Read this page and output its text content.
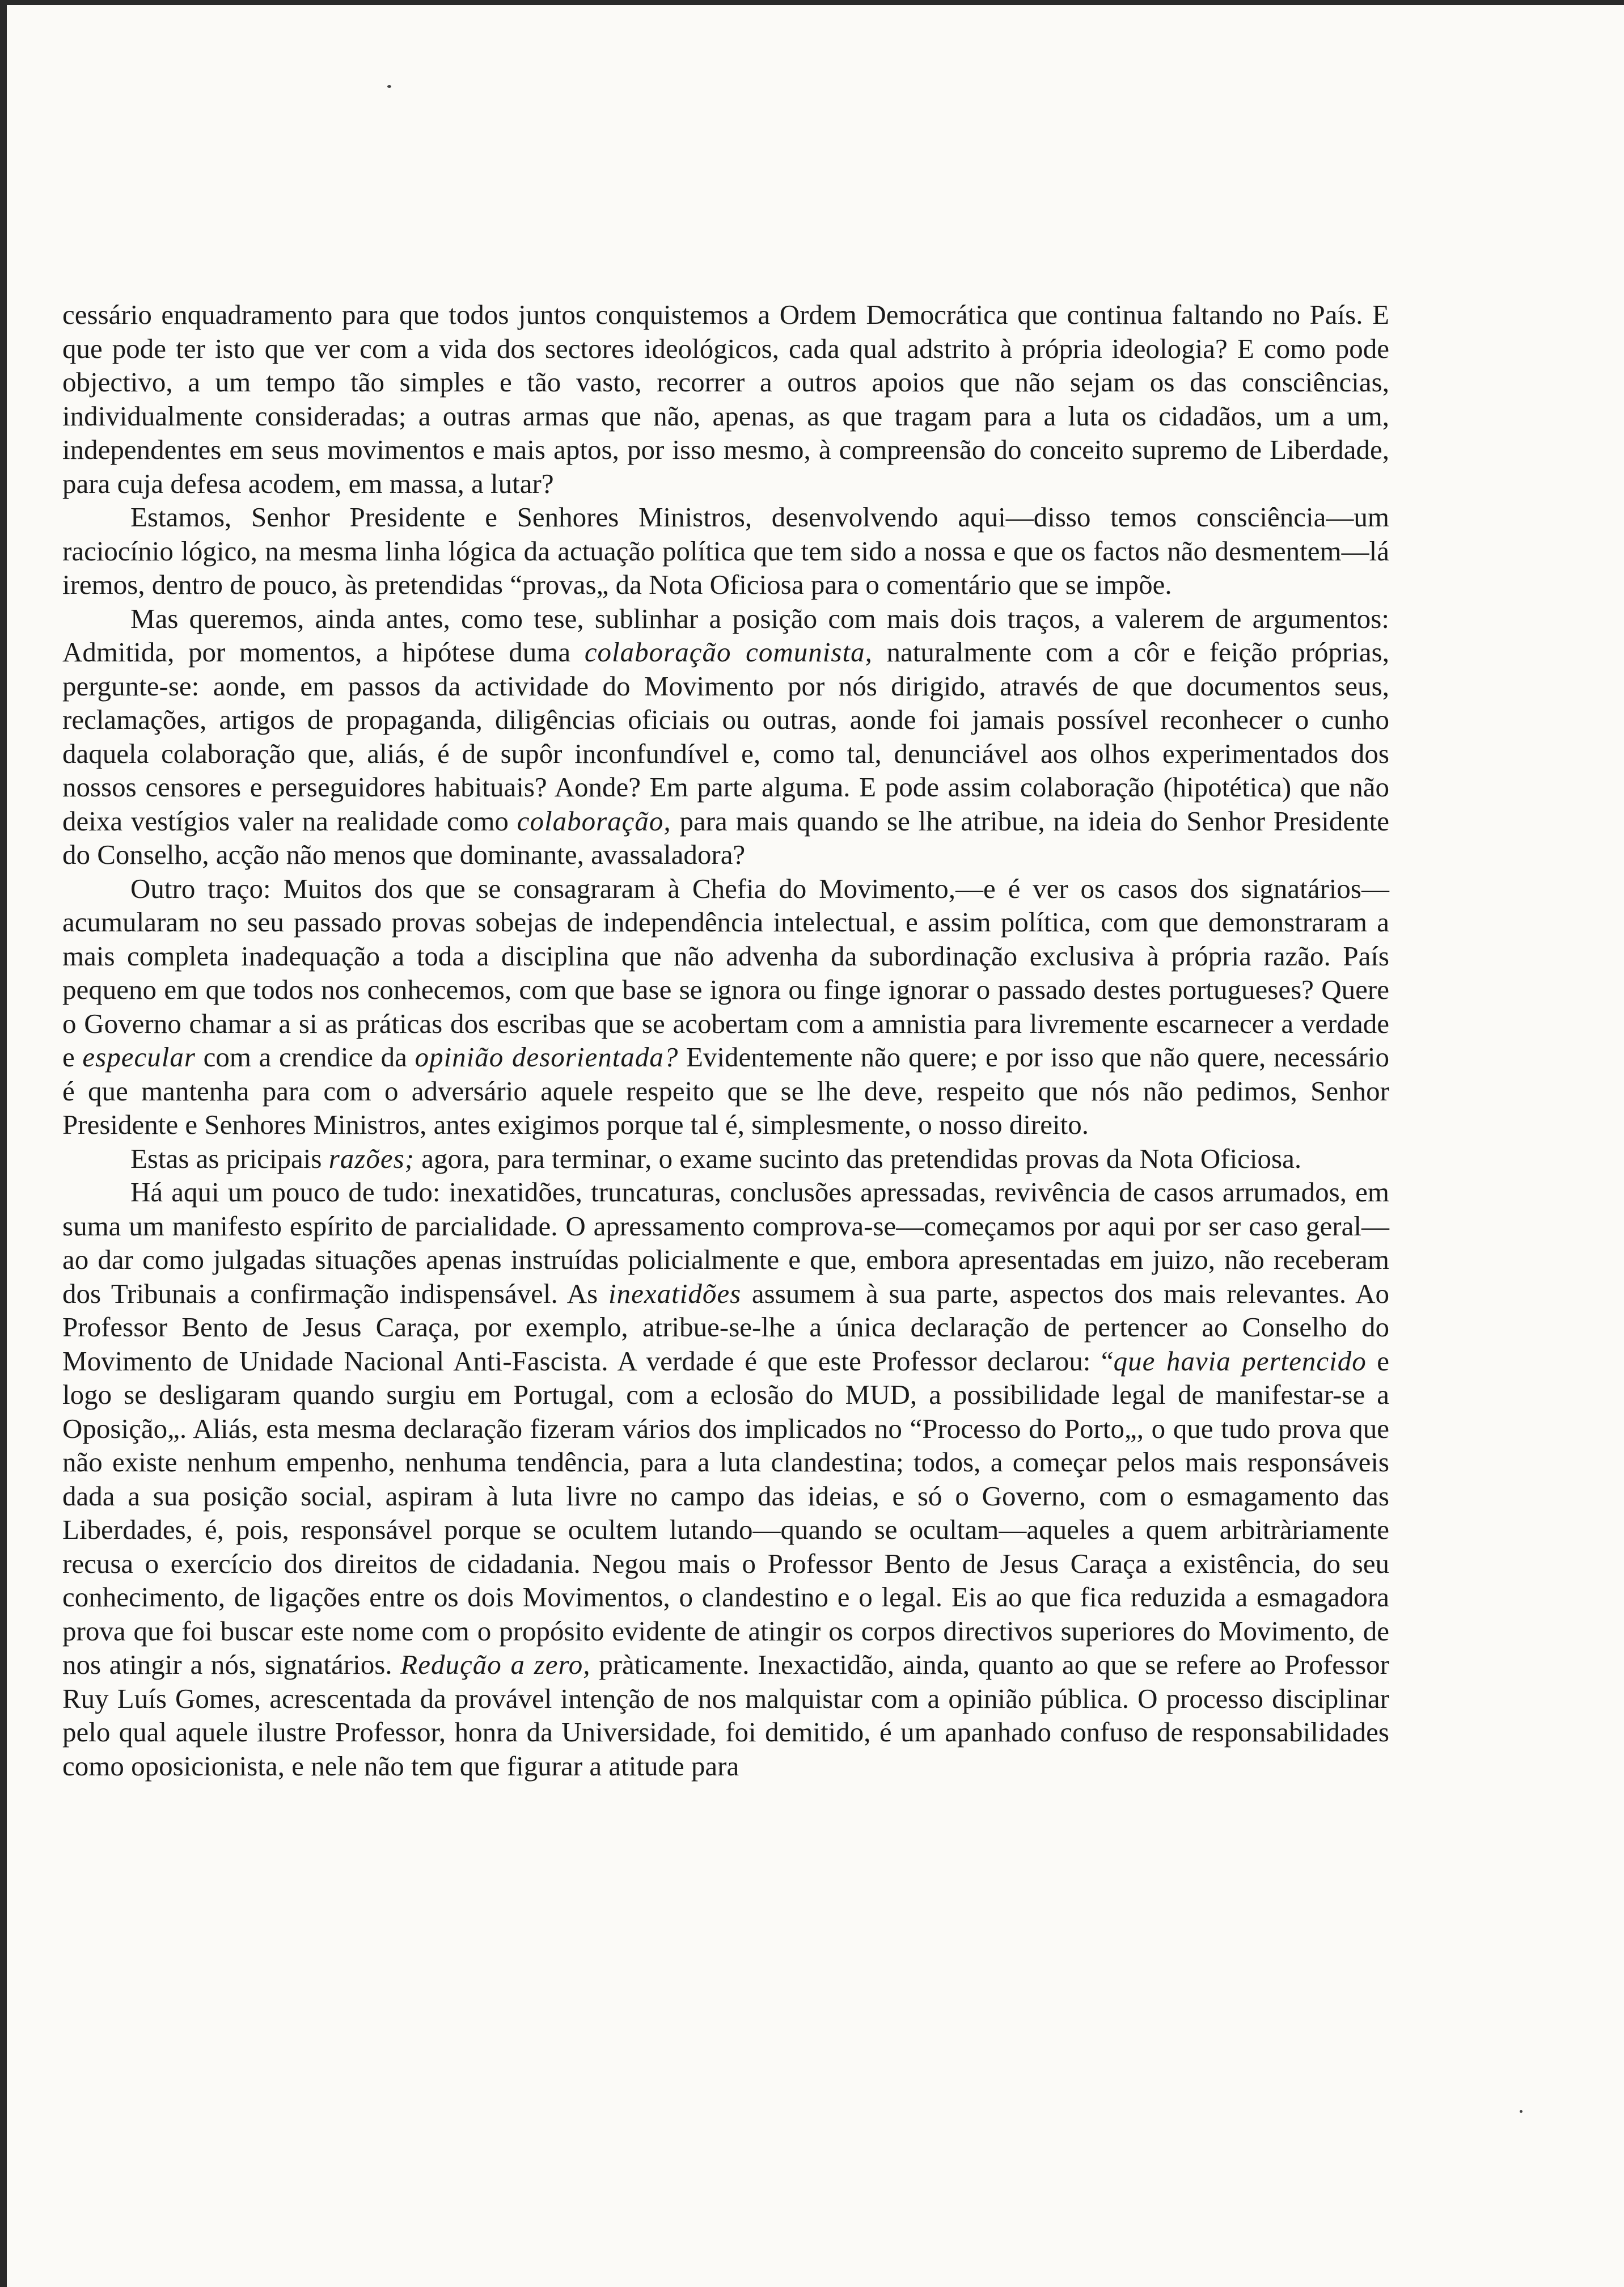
cessário enquadramento para que todos juntos conquistemos a Ordem Democrática que continua faltando no País. E que pode ter isto que ver com a vida dos sectores ideológicos, cada qual adstrito à própria ideologia? E como pode objectivo, a um tempo tão simples e tão vasto, recorrer a outros apoios que não sejam os das consciências, individualmente consideradas; a outras armas que não, apenas, as que tragam para a luta os cidadãos, um a um, independentes em seus movimentos e mais aptos, por isso mesmo, à compreensão do conceito supremo de Liberdade, para cuja defesa acodem, em massa, a lutar?

Estamos, Senhor Presidente e Senhores Ministros, desenvolvendo aqui—disso temos consciência—um raciocínio lógico, na mesma linha lógica da actuação política que tem sido a nossa e que os factos não desmentem—lá iremos, dentro de pouco, às pretendidas “provas„ da Nota Oficiosa para o comentário que se impõe.

Mas queremos, ainda antes, como tese, sublinhar a posição com mais dois traços, a valerem de argumentos: Admitida, por momentos, a hipótese duma colaboração comunista, naturalmente com a côr e feição próprias, pergunte-se: aonde, em passos da actividade do Movimento por nós dirigido, através de que documentos seus, reclamações, artigos de propaganda, diligências oficiais ou outras, aonde foi jamais possível reconhecer o cunho daquela colaboração que, aliás, é de supôr inconfundível e, como tal, denunciável aos olhos experimentados dos nossos censores e perseguidores habituais? Aonde? Em parte alguma. E pode assim colaboração (hipotética) que não deixa vestígios valer na realidade como colaboração, para mais quando se lhe atribue, na ideia do Senhor Presidente do Conselho, acção não menos que dominante, avassaladora?

Outro traço: Muitos dos que se consagraram à Chefia do Movimento,—e é ver os casos dos signatários—acumularam no seu passado provas sobejas de independência intelectual, e assim política, com que demonstraram a mais completa inadequação a toda a disciplina que não advenha da subordinação exclusiva à própria razão. País pequeno em que todos nos conhecemos, com que base se ignora ou finge ignorar o passado destes portugueses? Quere o Governo chamar a si as práticas dos escribas que se acobertam com a amnistia para livremente escarnecer a verdade e especular com a crendice da opinião desorientada? Evidentemente não quere; e por isso que não quere, necessário é que mantenha para com o adversário aquele respeito que se lhe deve, respeito que nós não pedimos, Senhor Presidente e Senhores Ministros, antes exigimos porque tal é, simplesmente, o nosso direito.

Estas as pricipais razões; agora, para terminar, o exame sucinto das pretendidas provas da Nota Oficiosa.

Há aqui um pouco de tudo: inexatidões, truncaturas, conclusões apressadas, revivência de casos arrumados, em suma um manifesto espírito de parcialidade. O apressamento comprova-se—começamos por aqui por ser caso geral—ao dar como julgadas situações apenas instruídas policialmente e que, embora apresentadas em juizo, não receberam dos Tribunais a confirmação indispensável. As inexatidões assumem à sua parte, aspectos dos mais relevantes. Ao Professor Bento de Jesus Caraça, por exemplo, atribue-se-lhe a única declaração de pertencer ao Conselho do Movimento de Unidade Nacional Anti-Fascista. A verdade é que este Professor declarou: “que havia pertencido e logo se desligaram quando surgiu em Portugal, com a eclosão do MUD, a possibilidade legal de manifestar-se a Oposição„. Aliás, esta mesma declaração fizeram vários dos implicados no “Processo do Porto„, o que tudo prova que não existe nenhum empenho, nenhuma tendência, para a luta clandestina; todos, a começar pelos mais responsáveis dada a sua posição social, aspiram à luta livre no campo das ideias, e só o Governo, com o esmagamento das Liberdades, é, pois, responsável porque se ocultem lutando—quando se ocultam—aqueles a quem arbitràriamente recusa o exercício dos direitos de cidadania. Negou mais o Professor Bento de Jesus Caraça a existência, do seu conhecimento, de ligações entre os dois Movimentos, o clandestino e o legal. Eis ao que fica reduzida a esmagadora prova que foi buscar este nome com o propósito evidente de atingir os corpos directivos superiores do Movimento, de nos atingir a nós, signatários. Redução a zero, pràticamente. Inexactidão, ainda, quanto ao que se refere ao Professor Ruy Luís Gomes, acrescentada da provável intenção de nos malquistar com a opinião pública. O processo disciplinar pelo qual aquele ilustre Professor, honra da Universidade, foi demitido, é um apanhado confuso de responsabilidades como oposicionista, e nele não tem que figurar a atitude para
